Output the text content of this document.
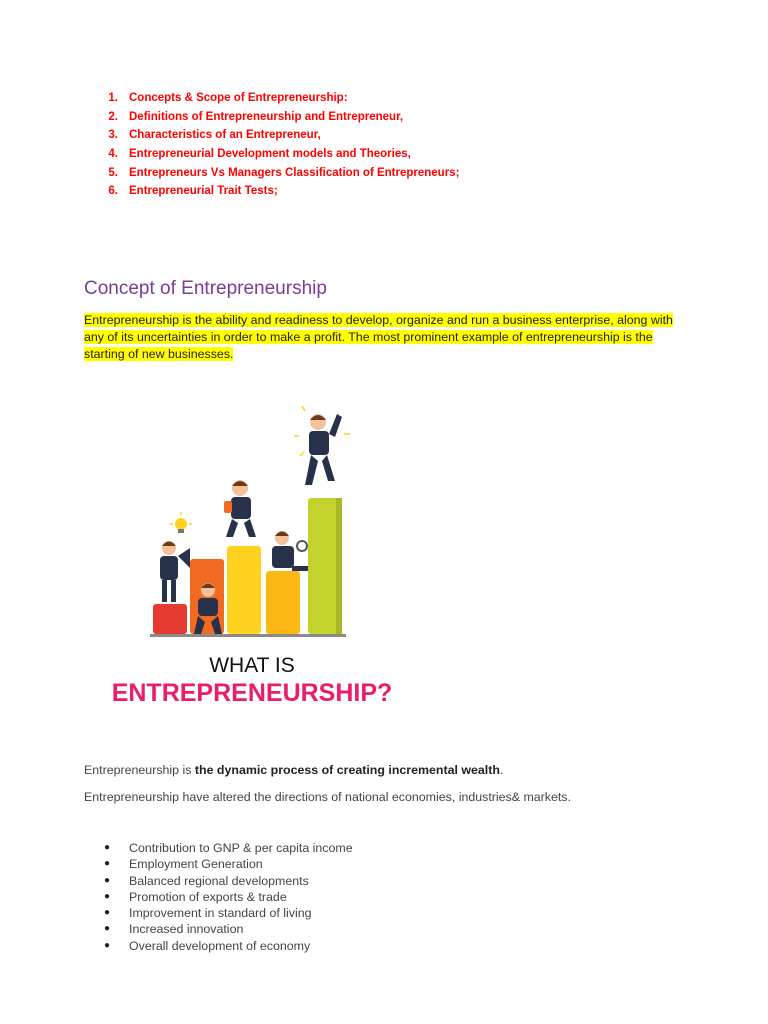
1. Concepts & Scope of Entrepreneurship:
2. Definitions of Entrepreneurship and Entrepreneur,
3. Characteristics of an Entrepreneur,
4. Entrepreneurial Development models and Theories,
5. Entrepreneurs Vs Managers Classification of Entrepreneurs;
6. Entrepreneurial Trait Tests;
Concept of Entrepreneurship

Entrepreneurship is the ability and readiness to develop, organize and run a business enterprise, along with any of its uncertainties in order to make a profit. The most prominent example of entrepreneurship is the starting of new businesses.

WHAT IS
ENTREPRENEURSHIP?

Entrepreneurship is the dynamic process of creating incremental wealth.

Entrepreneurship have altered the directions of national economies, industries& markets.

● Contribution to GNP & per capita income
● Employment Generation
● Balanced regional developments
● Promotion of exports & trade
● Improvement in standard of living
● Increased innovation
● Overall development of economy
